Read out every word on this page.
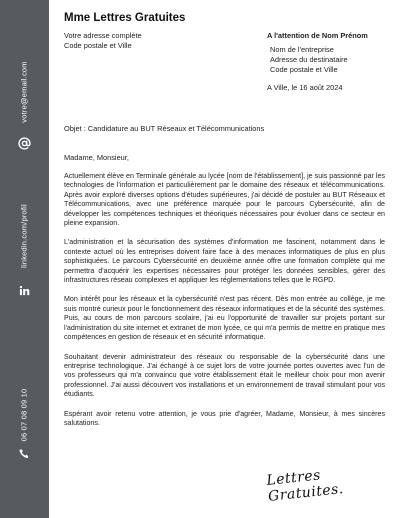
votre@email.com
linkedin.com/profil
06 07 08 09 10
Mme Lettres Gratuites
Votre adresse complète
Code postale et Ville
A l'attention de Nom Prénom
Nom de l'entreprise
Adresse du destinataire
Code postale et Ville
A Ville, le 16 août 2024
Objet : Candidature au BUT Réseaux et Télécommunications
Madame, Monsieur,

Actuellement élève en Terminale générale au lycée [nom de l'établissement], je suis passionné par les technologies de l'information et particulièrement par le domaine des réseaux et télécommunications. Après avoir exploré diverses options d'études supérieures, j'ai décidé de postuler au BUT Réseaux et Télécommunications, avec une préférence marquée pour le parcours Cybersécurité, afin de développer les compétences techniques et théoriques nécessaires pour évoluer dans ce secteur en pleine expansion.

L'administration et la sécurisation des systèmes d'information me fascinent, notamment dans le contexte actuel où les entreprises doivent faire face à des menaces informatiques de plus en plus sophistiquées. Le parcours Cybersécurité en deuxième année offre une formation complète qui me permettra d'acquérir les expertises nécessaires pour protéger les données sensibles, gérer des infrastructures réseau complexes et appliquer les réglementations telles que le RGPD.

Mon intérêt pour les réseaux et la cybersécurité n'est pas récent. Dès mon entrée au collège, je me suis montré curieux pour le fonctionnement des réseaux informatiques et de la sécurité des systèmes. Puis, au cours de mon parcours scolaire, j'ai eu l'opportunité de travailler sur projets portant sur l'administration du site internet et extranet de mon lycée, ce qui m'a permis de mettre en pratique mes compétences en gestion de réseaux et en sécurité informatique.

Souhaitant devenir administrateur des réseaux ou responsable de la cybersécurité dans une entreprise technologique. J'ai échangé à ce sujet lors de votre journée portes ouvertes avec l'un de vos professeurs qui m'a convaincu que votre établissement était le meilleur choix pour mon avenir professionnel. J'ai aussi découvert vos installations et un environnement de travail stimulant pour vos étudiants.

Espérant avoir retenu votre attention, je vous prie d'agréer, Madame, Monsieur, à mes sincères salutations.

Lettres Gratuites.
